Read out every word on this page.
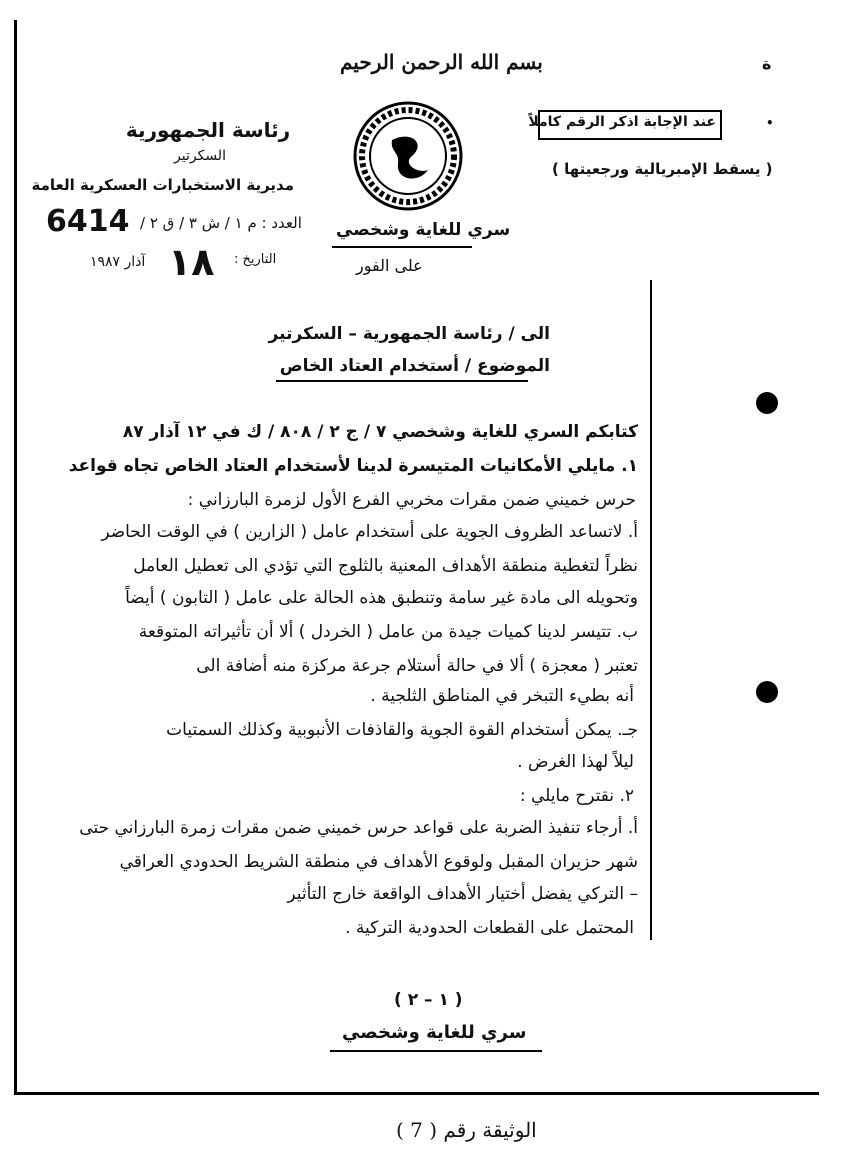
ة
•
بسم الله الرحمن الرحيم
رئاسة الجمهورية
السكرتير
مديرية الاستخبارات العسكرية العامة
6414 العدد : م ١ / ش ٣ / ق ٢ /
آذار ١٩٨٧ ١٨ التاريخ :
سري للغاية وشخصي
على الفور
عند الإجابة اذكر الرقم كاملاً
( يسقط الإمبريالية ورجعيتها )
الى / رئاسة الجمهورية – السكرتير
الموضوع / أستخدام العتاد الخاص
كتابكم السري للغاية وشخصي ٧ / ج ٢ / ٨٠٨ / ك في ١٢ آذار ٨٧
١. مايلي الأمكانيات المتيسرة لدينا لأستخدام العتاد الخاص تجاه قواعد
حرس خميني ضمن مقرات مخربي الفرع الأول لزمرة البارزاني :
أ. لاتساعد الظروف الجوية على أستخدام عامل ( الزارين ) في الوقت الحاضر
نظراً لتغطية منطقة الأهداف المعنية بالثلوج التي تؤدي الى تعطيل العامل
وتحويله الى مادة غير سامة وتنطبق هذه الحالة على عامل ( التابون ) أيضاً
ب. تتيسر لدينا كميات جيدة من عامل ( الخردل ) ألا أن تأثيراته المتوقعة
تعتبر ( معجزة ) ألا في حالة أستلام جرعة مركزة منه أضافة الى
أنه بطيء التبخر في المناطق الثلجية .
جـ. يمكن أستخدام القوة الجوية والقاذفات الأنبوبية وكذلك السمتيات
ليلاً لهذا الغرض .
٢. نقترح مايلي :
أ. أرجاء تنفيذ الضربة على قواعد حرس خميني ضمن مقرات زمرة البارزاني حتى
شهر حزيران المقبل ولوقوع الأهداف في منطقة الشريط الحدودي العراقي
– التركي يفضل أختيار الأهداف الواقعة خارج التأثير
المحتمل على القطعات الحدودية التركية .
( ١ – ٢ )
سري للغاية وشخصي
الوثيقة رقم ( 7 )
